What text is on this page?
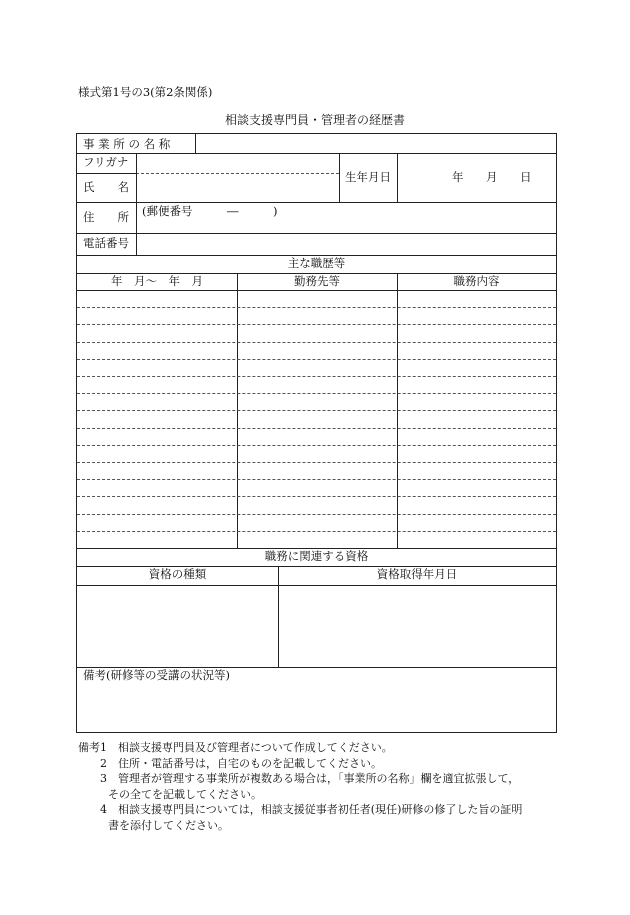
様式第1号の3(第2条関係)
相談支援専門員・管理者の経歴書
事 業 所 の 名 称
フリガナ
氏　　名
生年月日	年 月 日
住　　所 (郵便番号　　　―　　　)
電話番号
主な職歴等
年　月～　年　月	勤務先等	職務内容
職務に関連する資格
資格の種類	資格取得年月日
備考(研修等の受講の状況等)
備考1　 相談支援専門員及び管理者について作成してください。
　　2　 住所・電話番号は，自宅のものを記載してください。
　　3　 管理者が管理する事業所が複数ある場合は，「事業所の名称」欄を適宜拡張して，
その全てを記載してください。
　　4　 相談支援専門員については，相談支援従事者初任者(現任)研修の修了した旨の証明
書を添付してください。
